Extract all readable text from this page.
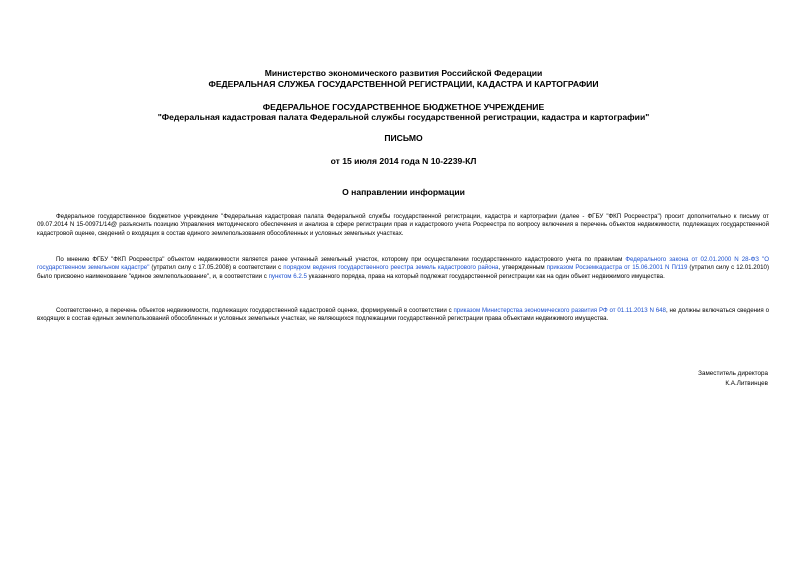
Министерство экономического развития Российской Федерации
ФЕДЕРАЛЬНАЯ СЛУЖБА ГОСУДАРСТВЕННОЙ РЕГИСТРАЦИИ, КАДАСТРА И КАРТОГРАФИИ
ФЕДЕРАЛЬНОЕ ГОСУДАРСТВЕННОЕ БЮДЖЕТНОЕ УЧРЕЖДЕНИЕ
"Федеральная кадастровая палата Федеральной службы государственной регистрации, кадастра и картографии"
ПИСЬМО
от 15 июля 2014 года N 10-2239-КЛ
О направлении информации
Федеральное государственное бюджетное учреждение "Федеральная кадастровая палата Федеральной службы государственной регистрации, кадастра и картографии (далее - ФГБУ "ФКП Росреестра") просит дополнительно к письму от 09.07.2014 N 15-00971/14@ разъяснить позицию Управления методического обеспечения и анализа в сфере регистрации прав и кадастрового учета Росреестра по вопросу включения в перечень объектов недвижимости, подлежащих государственной кадастровой оценке, сведений о входящих в состав единого землепользования обособленных и условных земельных участках.
По мнению ФГБУ "ФКП Росреестра" объектом недвижимости является ранее учтенный земельный участок, которому при осуществлении государственного кадастрового учета по правилам Федерального закона от 02.01.2000 N 28-ФЗ "О государственном земельном кадастре" (утратил силу с 17.05.2008) в соответствии с порядком ведения государственного реестра земель кадастрового района, утвержденным приказом Росземкадастра от 15.06.2001 N П/119 (утратил силу с 12.01.2010) было присвоено наименование "единое землепользование", и, в соответствии с пунктом 6.2.5 указанного порядка, права на который подлежат государственной регистрации как на один объект недвижимого имущества.
Соответственно, в перечень объектов недвижимости, подлежащих государственной кадастровой оценке, формируемый в соответствии с приказом Министерства экономического развития РФ от 01.11.2013 N 648, не должны включаться сведения о входящих в состав единых землепользований обособленных и условных земельных участках, не являющихся подлежащими государственной регистрации права объектами недвижимого имущества.
Заместитель директора
К.А.Литвинцев
